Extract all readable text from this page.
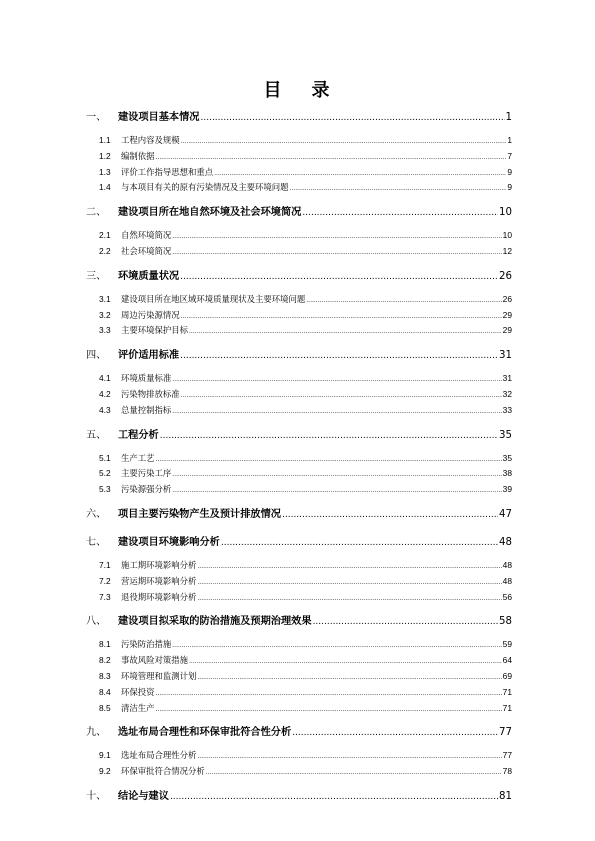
目 录
一、	建设项目基本情况 .....	1
1.1	工程内容及规模 .....	1
1.2	编制依据 .....	7
1.3	评价工作指导思想和重点 .....	9
1.4	与本项目有关的原有污染情况及主要环境问题 .....	9
二、	建设项目所在地自然环境及社会环境简况 .....	10
2.1	自然环境简况 .....	10
2.2	社会环境简况 .....	12
三、	环境质量状况 .....	26
3.1	建设项目所在地区域环境质量现状及主要环境问题 .....	26
3.2	周边污染源情况 .....	29
3.3	主要环境保护目标 .....	29
四、	评价适用标准 .....	31
4.1	环境质量标准 .....	31
4.2	污染物排放标准 .....	32
4.3	总量控制指标 .....	33
五、	工程分析 .....	35
5.1	生产工艺 .....	35
5.2	主要污染工序 .....	38
5.3	污染源强分析 .....	39
六、	项目主要污染物产生及预计排放情况 .....	47
七、	建设项目环境影响分析 .....	48
7.1	施工期环境影响分析 .....	48
7.2	营运期环境影响分析 .....	48
7.3	退役期环境影响分析 .....	56
八、	建设项目拟采取的防治措施及预期治理效果 .....	58
8.1	污染防治措施 .....	59
8.2	事故风险对策措施 .....	64
8.3	环境管理和监测计划 .....	69
8.4	环保投资 .....	71
8.5	清洁生产 .....	71
九、	选址布局合理性和环保审批符合性分析 .....	77
9.1	选址布局合理性分析 .....	77
9.2	环保审批符合情况分析 .....	78
十、	结论与建议 .....	81
